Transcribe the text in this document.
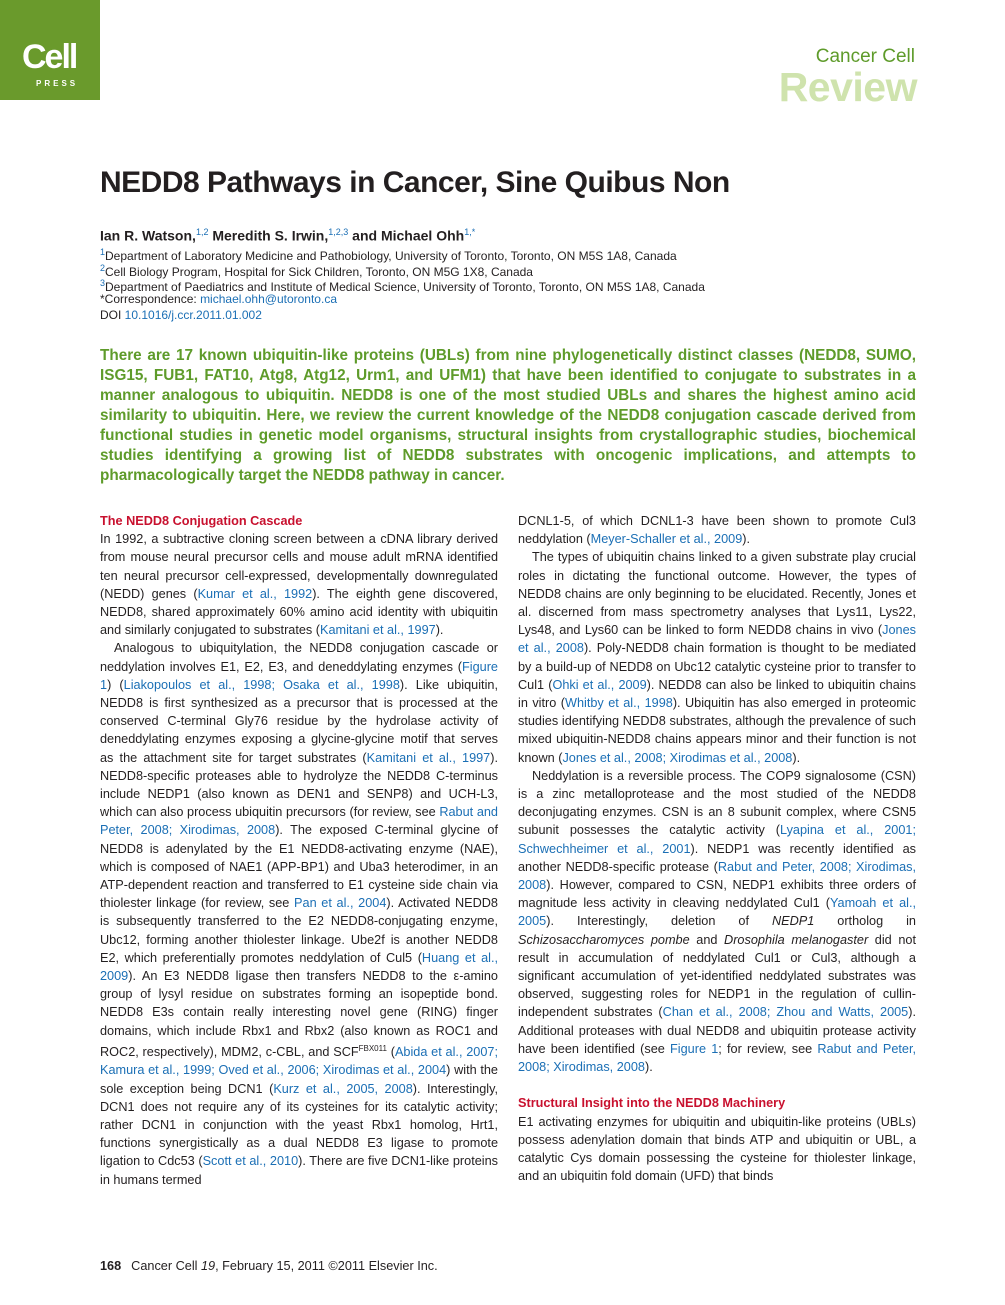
Cell
PRESS
Cancer Cell
Review
NEDD8 Pathways in Cancer, Sine Quibus Non
Ian R. Watson,$^{1,2}$ Meredith S. Irwin,$^{1,2,3}$ and Michael Ohh$^{1,*}$
$^1$Department of Laboratory Medicine and Pathobiology, University of Toronto, Toronto, ON M5S 1A8, Canada
$^2$Cell Biology Program, Hospital for Sick Children, Toronto, ON M5G 1X8, Canada
$^3$Department of Paediatrics and Institute of Medical Science, University of Toronto, Toronto, ON M5S 1A8, Canada
*Correspondence: michael.ohh@utoronto.ca
DOI 10.1016/j.ccr.2011.01.002

There are 17 known ubiquitin-like proteins (UBLs) from nine phylogenetically distinct classes (NEDD8, SUMO, ISG15, FUB1, FAT10, Atg8, Atg12, Urm1, and UFM1) that have been identified to conjugate to substrates in a manner analogous to ubiquitin. NEDD8 is one of the most studied UBLs and shares the highest amino acid similarity to ubiquitin. Here, we review the current knowledge of the NEDD8 conjugation cascade derived from functional studies in genetic model organisms, structural insights from crystallographic studies, biochemical studies identifying a growing list of NEDD8 substrates with oncogenic implications, and attempts to pharmacologically target the NEDD8 pathway in cancer.

The NEDD8 Conjugation Cascade

In 1992, a subtractive cloning screen between a cDNA library derived from mouse neural precursor cells and mouse adult mRNA identified ten neural precursor cell-expressed, developmentally downregulated (NEDD) genes (Kumar et al., 1992). The eighth gene discovered, NEDD8, shared approximately 60% amino acid identity with ubiquitin and similarly conjugated to substrates (Kamitani et al., 1997).

Analogous to ubiquitylation, the NEDD8 conjugation cascade or neddylation involves E1, E2, E3, and deneddylating enzymes (Figure 1) (Liakopoulos et al., 1998; Osaka et al., 1998). Like ubiquitin, NEDD8 is first synthesized as a precursor that is processed at the conserved C-terminal Gly76 residue by the hydrolase activity of deneddylating enzymes exposing a glycine-glycine motif that serves as the attachment site for target substrates (Kamitani et al., 1997). NEDD8-specific proteases able to hydrolyze the NEDD8 C-terminus include NEDP1 (also known as DEN1 and SENP8) and UCH-L3, which can also process ubiquitin precursors (for review, see Rabut and Peter, 2008; Xirodimas, 2008). The exposed C-terminal glycine of NEDD8 is adenylated by the E1 NEDD8-activating enzyme (NAE), which is composed of NAE1 (APP-BP1) and Uba3 heterodimer, in an ATP-dependent reaction and transferred to E1 cysteine side chain via thiolester linkage (for review, see Pan et al., 2004). Activated NEDD8 is subsequently transferred to the E2 NEDD8-conjugating enzyme, Ubc12, forming another thiolester linkage. Ube2f is another NEDD8 E2, which preferentially promotes neddylation of Cul5 (Huang et al., 2009). An E3 NEDD8 ligase then transfers NEDD8 to the ε-amino group of lysyl residue on substrates forming an isopeptide bond. NEDD8 E3s contain really interesting novel gene (RING) finger domains, which include Rbx1 and Rbx2 (also known as ROC1 and ROC2, respectively), MDM2, c-CBL, and $SCF^{FBX011}$ (Abida et al., 2007; Kamura et al., 1999; Oved et al., 2006; Xirodimas et al., 2004) with the sole exception being DCN1 (Kurz et al., 2005, 2008). Interestingly, DCN1 does not require any of its cysteines for its catalytic activity; rather DCN1 in conjunction with the yeast Rbx1 homolog, Hrt1, functions synergistically as a dual NEDD8 E3 ligase to promote ligation to Cdc53 (Scott et al., 2010). There are five DCN1-like proteins in humans termed

DCNL1-5, of which DCNL1-3 have been shown to promote Cul3 neddylation (Meyer-Schaller et al., 2009).

The types of ubiquitin chains linked to a given substrate play crucial roles in dictating the functional outcome. However, the types of NEDD8 chains are only beginning to be elucidated. Recently, Jones et al. discerned from mass spectrometry analyses that Lys11, Lys22, Lys48, and Lys60 can be linked to form NEDD8 chains in vivo (Jones et al., 2008). Poly-NEDD8 chain formation is thought to be mediated by a build-up of NEDD8 on Ubc12 catalytic cysteine prior to transfer to Cul1 (Ohki et al., 2009). NEDD8 can also be linked to ubiquitin chains in vitro (Whitby et al., 1998). Ubiquitin has also emerged in proteomic studies identifying NEDD8 substrates, although the prevalence of such mixed ubiquitin-NEDD8 chains appears minor and their function is not known (Jones et al., 2008; Xirodimas et al., 2008).

Neddylation is a reversible process. The COP9 signalosome (CSN) is a zinc metalloprotease and the most studied of the NEDD8 deconjugating enzymes. CSN is an 8 subunit complex, where CSN5 subunit possesses the catalytic activity (Lyapina et al., 2001; Schwechheimer et al., 2001). NEDP1 was recently identified as another NEDD8-specific protease (Rabut and Peter, 2008; Xirodimas, 2008). However, compared to CSN, NEDP1 exhibits three orders of magnitude less activity in cleaving neddylated Cul1 (Yamoah et al., 2005). Interestingly, deletion of NEDP1 ortholog in Schizosaccharomyces pombe and Drosophila melanogaster did not result in accumulation of neddylated Cul1 or Cul3, although a significant accumulation of yet-identified neddylated substrates was observed, suggesting roles for NEDP1 in the regulation of cullin-independent substrates (Chan et al., 2008; Zhou and Watts, 2005). Additional proteases with dual NEDD8 and ubiquitin protease activity have been identified (see Figure 1; for review, see Rabut and Peter, 2008; Xirodimas, 2008).

Structural Insight into the NEDD8 Machinery

E1 activating enzymes for ubiquitin and ubiquitin-like proteins (UBLs) possess adenylation domain that binds ATP and ubiquitin or UBL, a catalytic Cys domain possessing the cysteine for thiolester linkage, and an ubiquitin fold domain (UFD) that binds

168 Cancer Cell 19, February 15, 2011 ©2011 Elsevier Inc.
